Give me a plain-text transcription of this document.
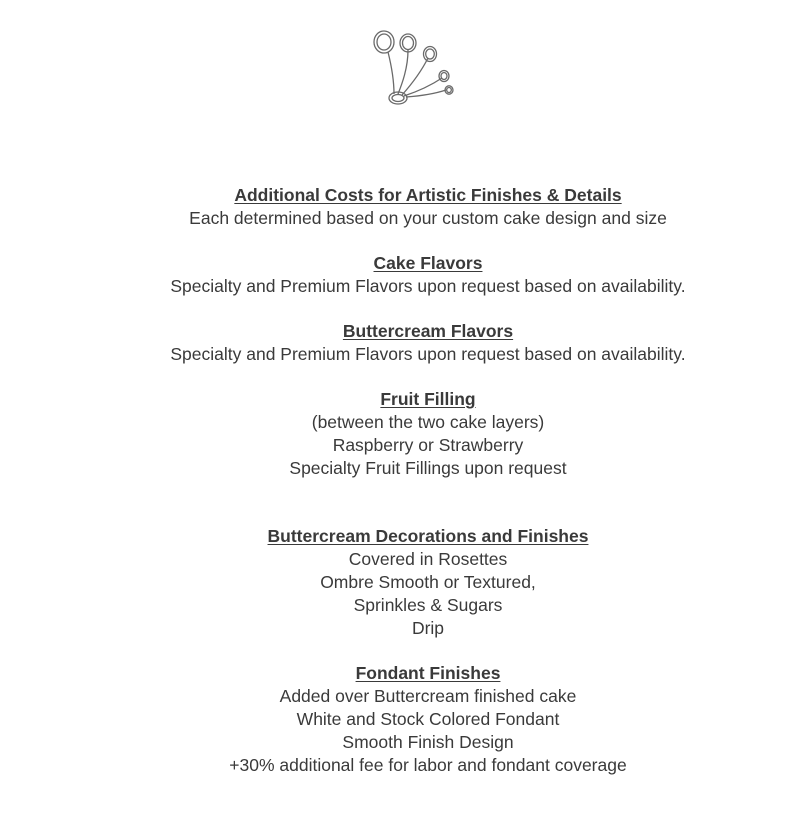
Additional Costs for Artistic Finishes & Details
Each determined based on your custom cake design and size
Cake Flavors
Specialty and Premium Flavors upon request based on availability.
Buttercream Flavors
Specialty and Premium Flavors upon request based on availability.
Fruit Filling
(between the two cake layers)
Raspberry or Strawberry
Specialty Fruit Fillings upon request
Buttercream Decorations and Finishes
Covered in Rosettes
Ombre Smooth or Textured,
Sprinkles & Sugars
Drip
Fondant Finishes
Added over Buttercream finished cake
White and Stock Colored Fondant
Smooth Finish Design
+30% additional fee for labor and fondant coverage
